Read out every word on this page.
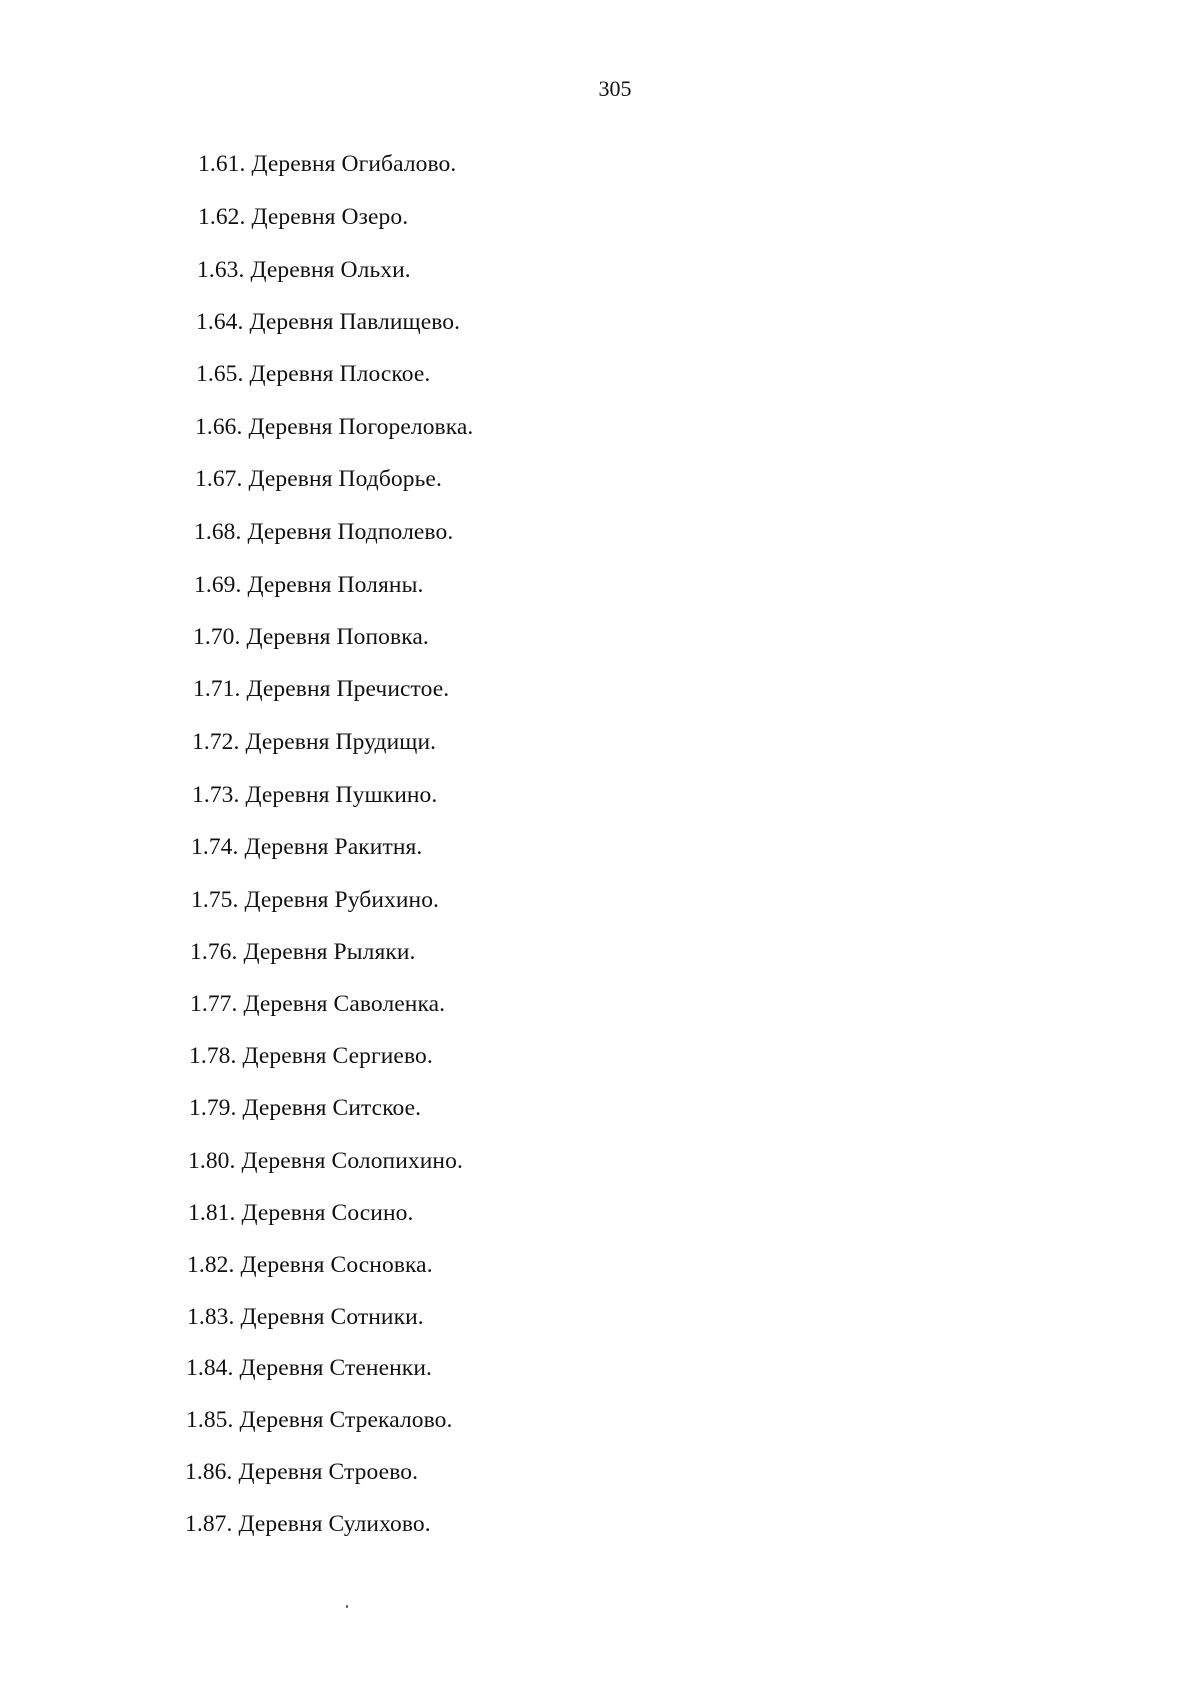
305
1.61. Деревня Огибалово.
1.62. Деревня Озеро.
1.63. Деревня Ольхи.
1.64. Деревня Павлищево.
1.65. Деревня Плоское.
1.66. Деревня Погореловка.
1.67. Деревня Подборье.
1.68. Деревня Подполево.
1.69. Деревня Поляны.
1.70. Деревня Поповка.
1.71. Деревня Пречистое.
1.72. Деревня Прудищи.
1.73. Деревня Пушкино.
1.74. Деревня Ракитня.
1.75. Деревня Рубихино.
1.76. Деревня Рыляки.
1.77. Деревня Саволенка.
1.78. Деревня Сергиево.
1.79. Деревня Ситское.
1.80. Деревня Солопихино.
1.81. Деревня Сосино.
1.82. Деревня Сосновка.
1.83. Деревня Сотники.
1.84. Деревня Стененки.
1.85. Деревня Стрекалово.
1.86. Деревня Строево.
1.87. Деревня Сулихово.
